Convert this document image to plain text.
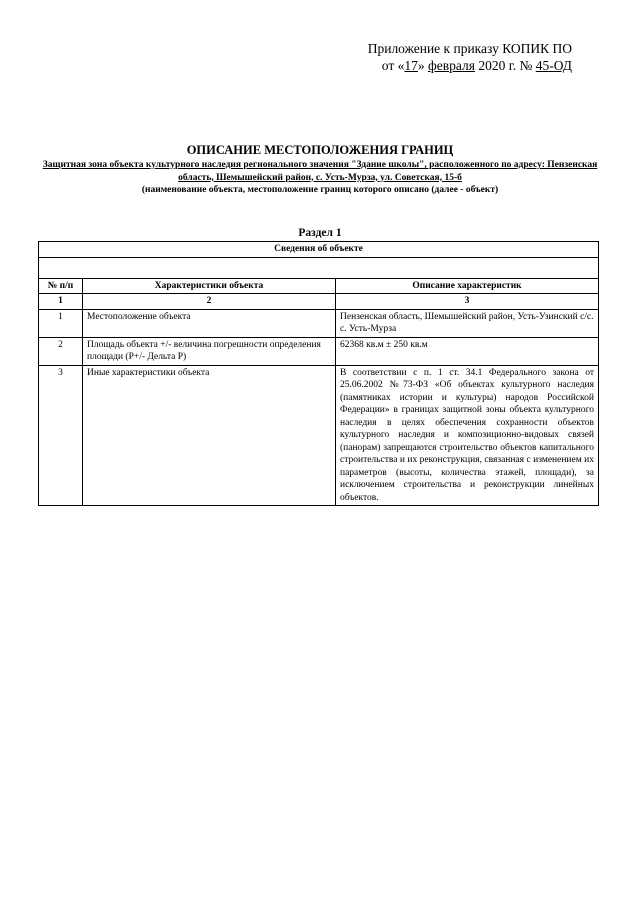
Приложение к приказу КОПИК ПО
от «17» февраля 2020 г. № 45-ОД
ОПИСАНИЕ МЕСТОПОЛОЖЕНИЯ ГРАНИЦ
Защитная зона объекта культурного наследия регионального значения "Здание школы", расположенного по адресу: Пензенская область, Шемышейский район, с. Усть-Мурза, ул. Советская, 15-б
(наименование объекта, местоположение границ которого описано (далее - объект)
Раздел 1
Сведения об объекте		

№ п/п	Характеристики объекта	Описание характеристик
1	2	3
1	Местоположение объекта	Пензенская область, Шемышейский район, Усть-Узинский с/с. с. Усть-Мурза
2	Площадь объекта +/- величина погрешности определения площади (Р+/- Дельта Р)	62368 кв.м ± 250 кв.м
3	Иные характеристики объекта	В соответствии с п. 1 ст. 34.1 Федерального закона от 25.06.2002 №73-ФЗ «Об объектах культурного наследия (памятниках истории и культуры) народов Российской Федерации» в границах защитной зоны объекта культурного наследия в целях обеспечения сохранности объектов культурного наследия и композиционно-видовых связей (панорам) запрещаются строительство объектов капитального строительства и их реконструкция, связанная с изменением их параметров (высоты, количества этажей, площади), за исключением строительства и реконструкции линейных объектов.
